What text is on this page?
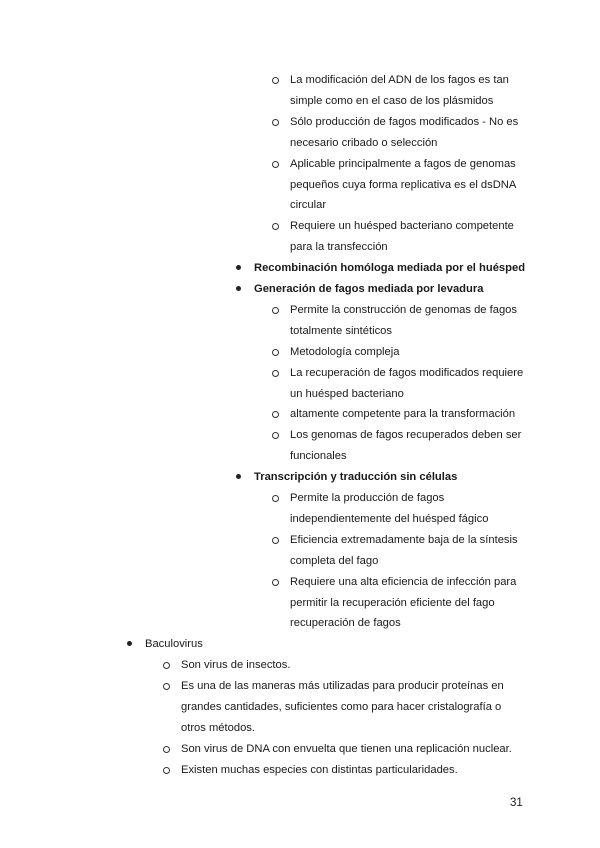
La modificación del ADN de los fagos es tan
simple como en el caso de los plásmidos
Sólo producción de fagos modificados - No es
necesario cribado o selección
Aplicable principalmente a fagos de genomas
pequeños cuya forma replicativa es el dsDNA
circular
Requiere un huésped bacteriano competente
para la transfección
Recombinación homóloga mediada por el huésped
Generación de fagos mediada por levadura
Permite la construcción de genomas de fagos
totalmente sintéticos
Metodología compleja
La recuperación de fagos modificados requiere
un huésped bacteriano
altamente competente para la transformación
Los genomas de fagos recuperados deben ser
funcionales
Transcripción y traducción sin células
Permite la producción de fagos
independientemente del huésped fágico
Eficiencia extremadamente baja de la síntesis
completa del fago
Requiere una alta eficiencia de infección para
permitir la recuperación eficiente del fago
recuperación de fagos
Baculovirus
Son virus de insectos.
Es una de las maneras más utilizadas para producir proteínas en
grandes cantidades, suficientes como para hacer cristalografía o
otros métodos.
Son virus de DNA con envuelta que tienen una replicación nuclear.
Existen muchas especies con distintas particularidades.
31
